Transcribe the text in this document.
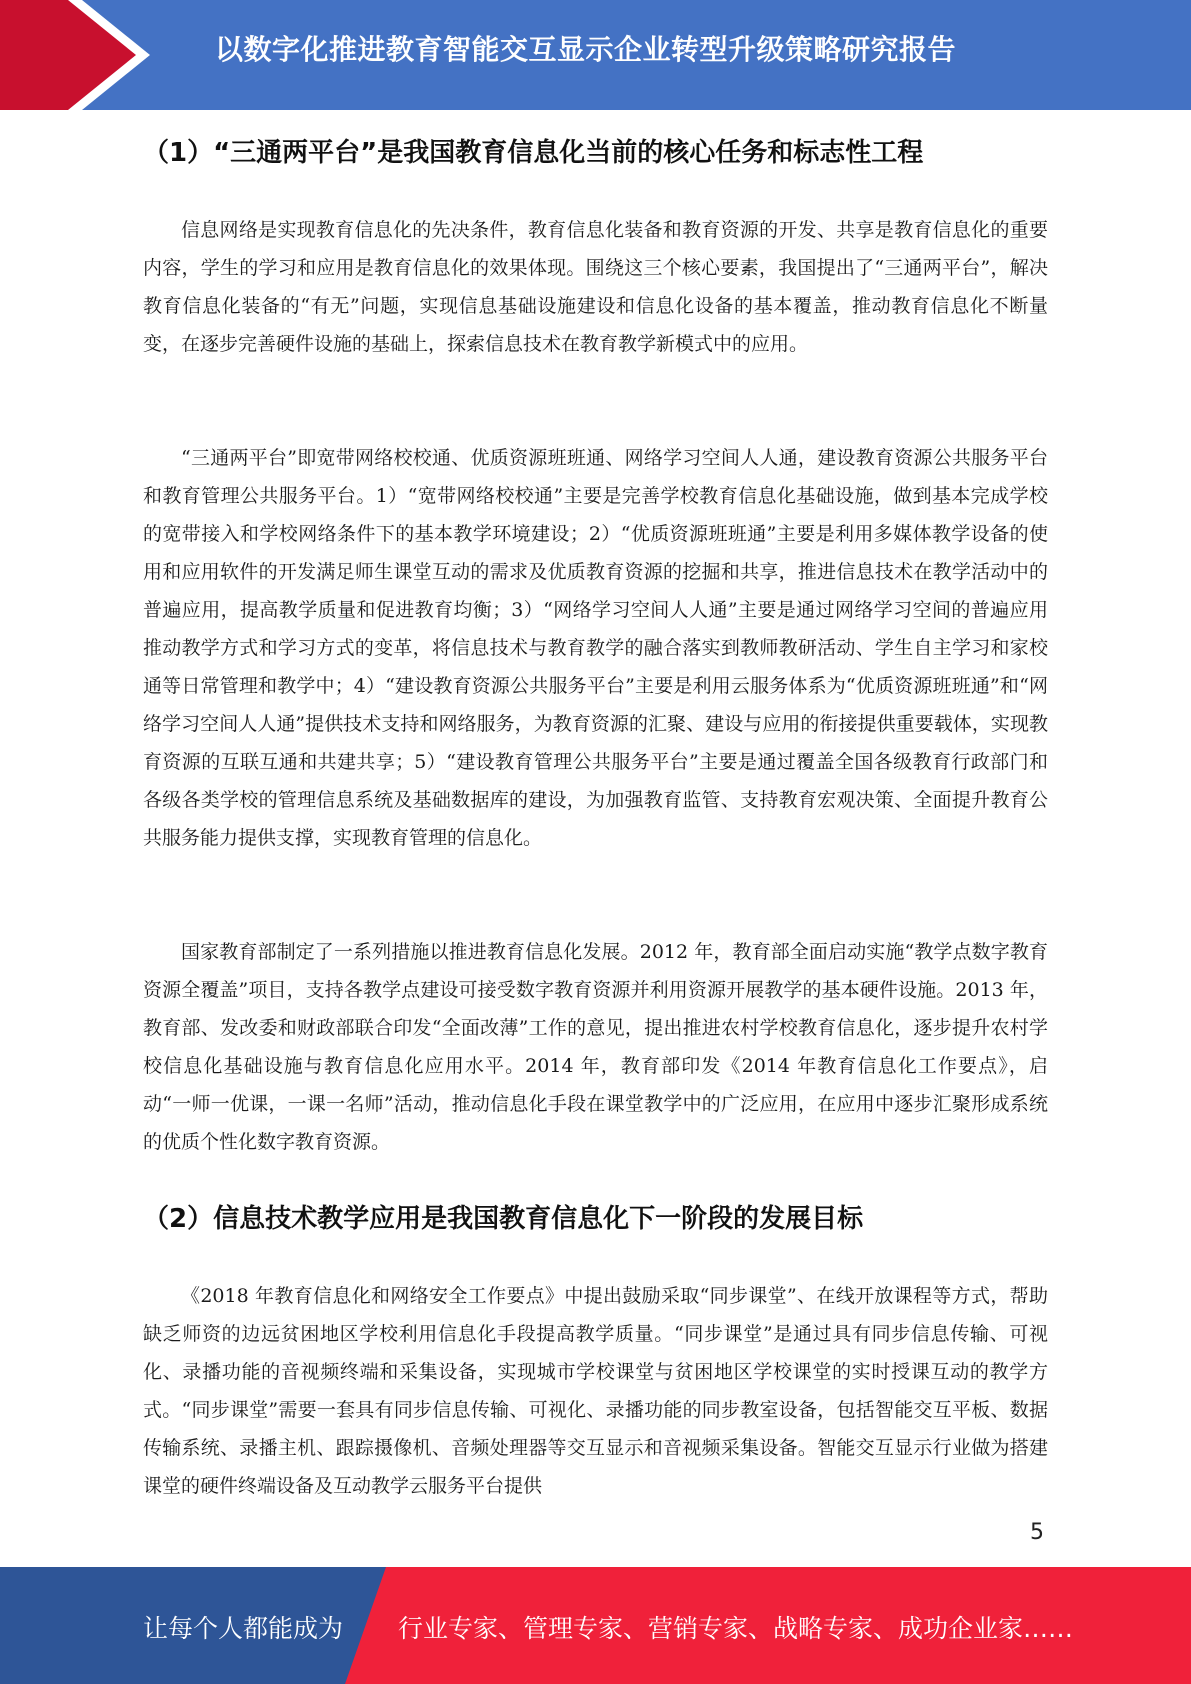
以数字化推进教育智能交互显示企业转型升级策略研究报告
（1）“三通两平台”是我国教育信息化当前的核心任务和标志性工程

信息网络是实现教育信息化的先决条件，教育信息化装备和教育资源的开发、共享是教育信息化的重要内容，学生的学习和应用是教育信息化的效果体现。围绕这三个核心要素，我国提出了“三通两平台”，解决教育信息化装备的“有无”问题，实现信息基础设施建设和信息化设备的基本覆盖，推动教育信息化不断量变，在逐步完善硬件设施的基础上，探索信息技术在教育教学新模式中的应用。

“三通两平台”即宽带网络校校通、优质资源班班通、网络学习空间人人通，建设教育资源公共服务平台和教育管理公共服务平台。1）“宽带网络校校通”主要是完善学校教育信息化基础设施，做到基本完成学校的宽带接入和学校网络条件下的基本教学环境建设；2）“优质资源班班通”主要是利用多媒体教学设备的使用和应用软件的开发满足师生课堂互动的需求及优质教育资源的挖掘和共享，推进信息技术在教学活动中的普遍应用，提高教学质量和促进教育均衡；3）“网络学习空间人人通”主要是通过网络学习空间的普遍应用推动教学方式和学习方式的变革，将信息技术与教育教学的融合落实到教师教研活动、学生自主学习和家校通等日常管理和教学中；4）“建设教育资源公共服务平台”主要是利用云服务体系为“优质资源班班通”和“网络学习空间人人通”提供技术支持和网络服务，为教育资源的汇聚、建设与应用的衔接提供重要载体，实现教育资源的互联互通和共建共享；5）“建设教育管理公共服务平台”主要是通过覆盖全国各级教育行政部门和各级各类学校的管理信息系统及基础数据库的建设，为加强教育监管、支持教育宏观决策、全面提升教育公共服务能力提供支撑，实现教育管理的信息化。

国家教育部制定了一系列措施以推进教育信息化发展。2012 年，教育部全面启动实施“教学点数字教育资源全覆盖”项目，支持各教学点建设可接受数字教育资源并利用资源开展教学的基本硬件设施。2013 年，教育部、发改委和财政部联合印发“全面改薄”工作的意见，提出推进农村学校教育信息化，逐步提升农村学校信息化基础设施与教育信息化应用水平。2014 年，教育部印发《2014 年教育信息化工作要点》，启动“一师一优课，一课一名师”活动，推动信息化手段在课堂教学中的广泛应用，在应用中逐步汇聚形成系统的优质个性化数字教育资源。

（2）信息技术教学应用是我国教育信息化下一阶段的发展目标

《2018 年教育信息化和网络安全工作要点》中提出鼓励采取“同步课堂”、在线开放课程等方式，帮助缺乏师资的边远贫困地区学校利用信息化手段提高教学质量。“同步课堂”是通过具有同步信息传输、可视化、录播功能的音视频终端和采集设备，实现城市学校课堂与贫困地区学校课堂的实时授课互动的教学方式。“同步课堂”需要一套具有同步信息传输、可视化、录播功能的同步教室设备，包括智能交互平板、数据传输系统、录播主机、跟踪摄像机、音频处理器等交互显示和音视频采集设备。智能交互显示行业做为搭建课堂的硬件终端设备及互动教学云服务平台提供

5
让每个人都能成为 行业专家、管理专家、营销专家、战略专家、成功企业家……
